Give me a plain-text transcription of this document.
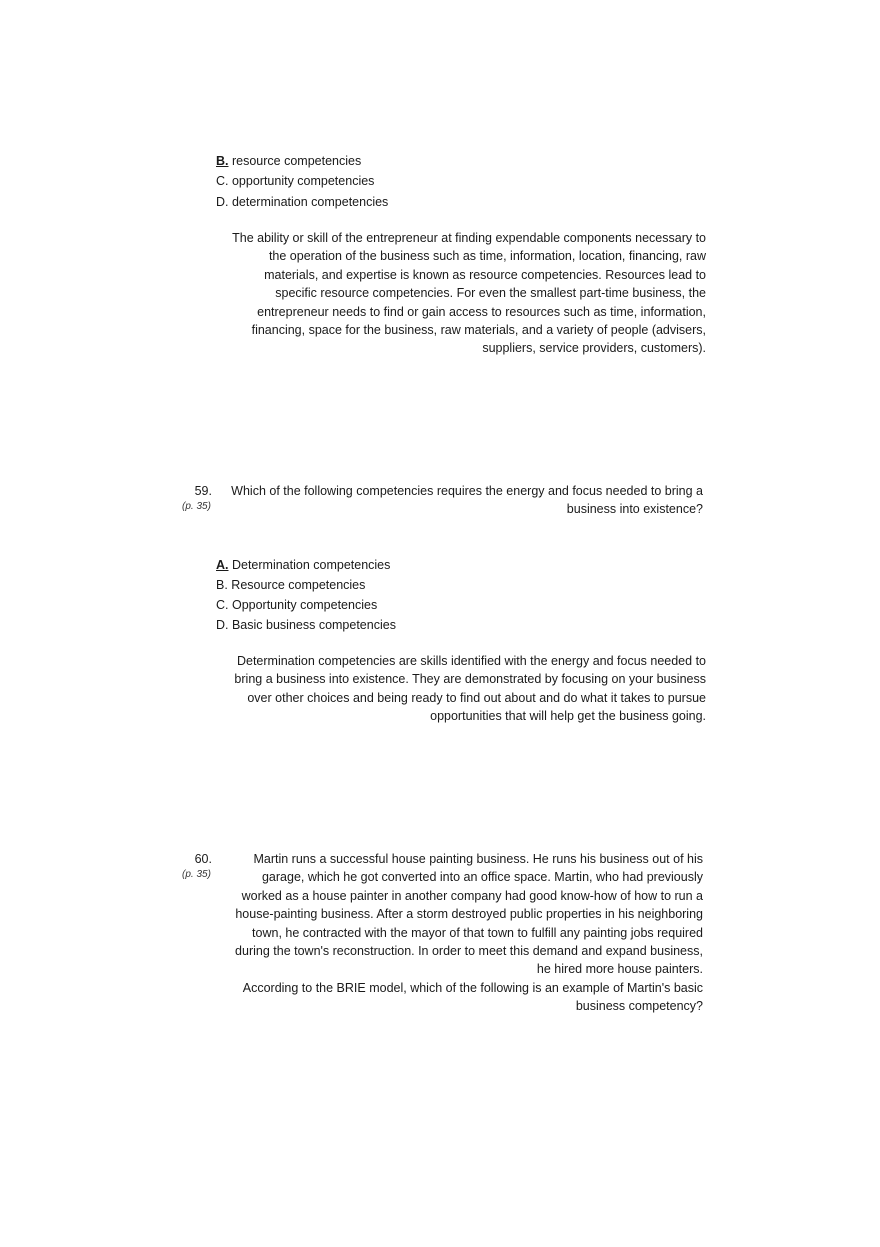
B. resource competencies
C. opportunity competencies
D. determination competencies
The ability or skill of the entrepreneur at finding expendable components necessary to
the operation of the business such as time, information, location, financing, raw
materials, and expertise is known as resource competencies. Resources lead to
specific resource competencies. For even the smallest part-time business, the
entrepreneur needs to find or gain access to resources such as time, information,
financing, space for the business, raw materials, and a variety of people (advisers,
suppliers, service providers, customers).
59.
(p. 35)
Which of the following competencies requires the energy and focus needed to bring a
business into existence?
A. Determination competencies
B. Resource competencies
C. Opportunity competencies
D. Basic business competencies
Determination competencies are skills identified with the energy and focus needed to
bring a business into existence. They are demonstrated by focusing on your business
over other choices and being ready to find out about and do what it takes to pursue
opportunities that will help get the business going.
60.
(p. 35)
Martin runs a successful house painting business. He runs his business out of his
garage, which he got converted into an office space. Martin, who had previously
worked as a house painter in another company had good know-how of how to run a
house-painting business. After a storm destroyed public properties in his neighboring
town, he contracted with the mayor of that town to fulfill any painting jobs required
during the town's reconstruction. In order to meet this demand and expand business,
he hired more house painters.
According to the BRIE model, which of the following is an example of Martin's basic
business competency?
